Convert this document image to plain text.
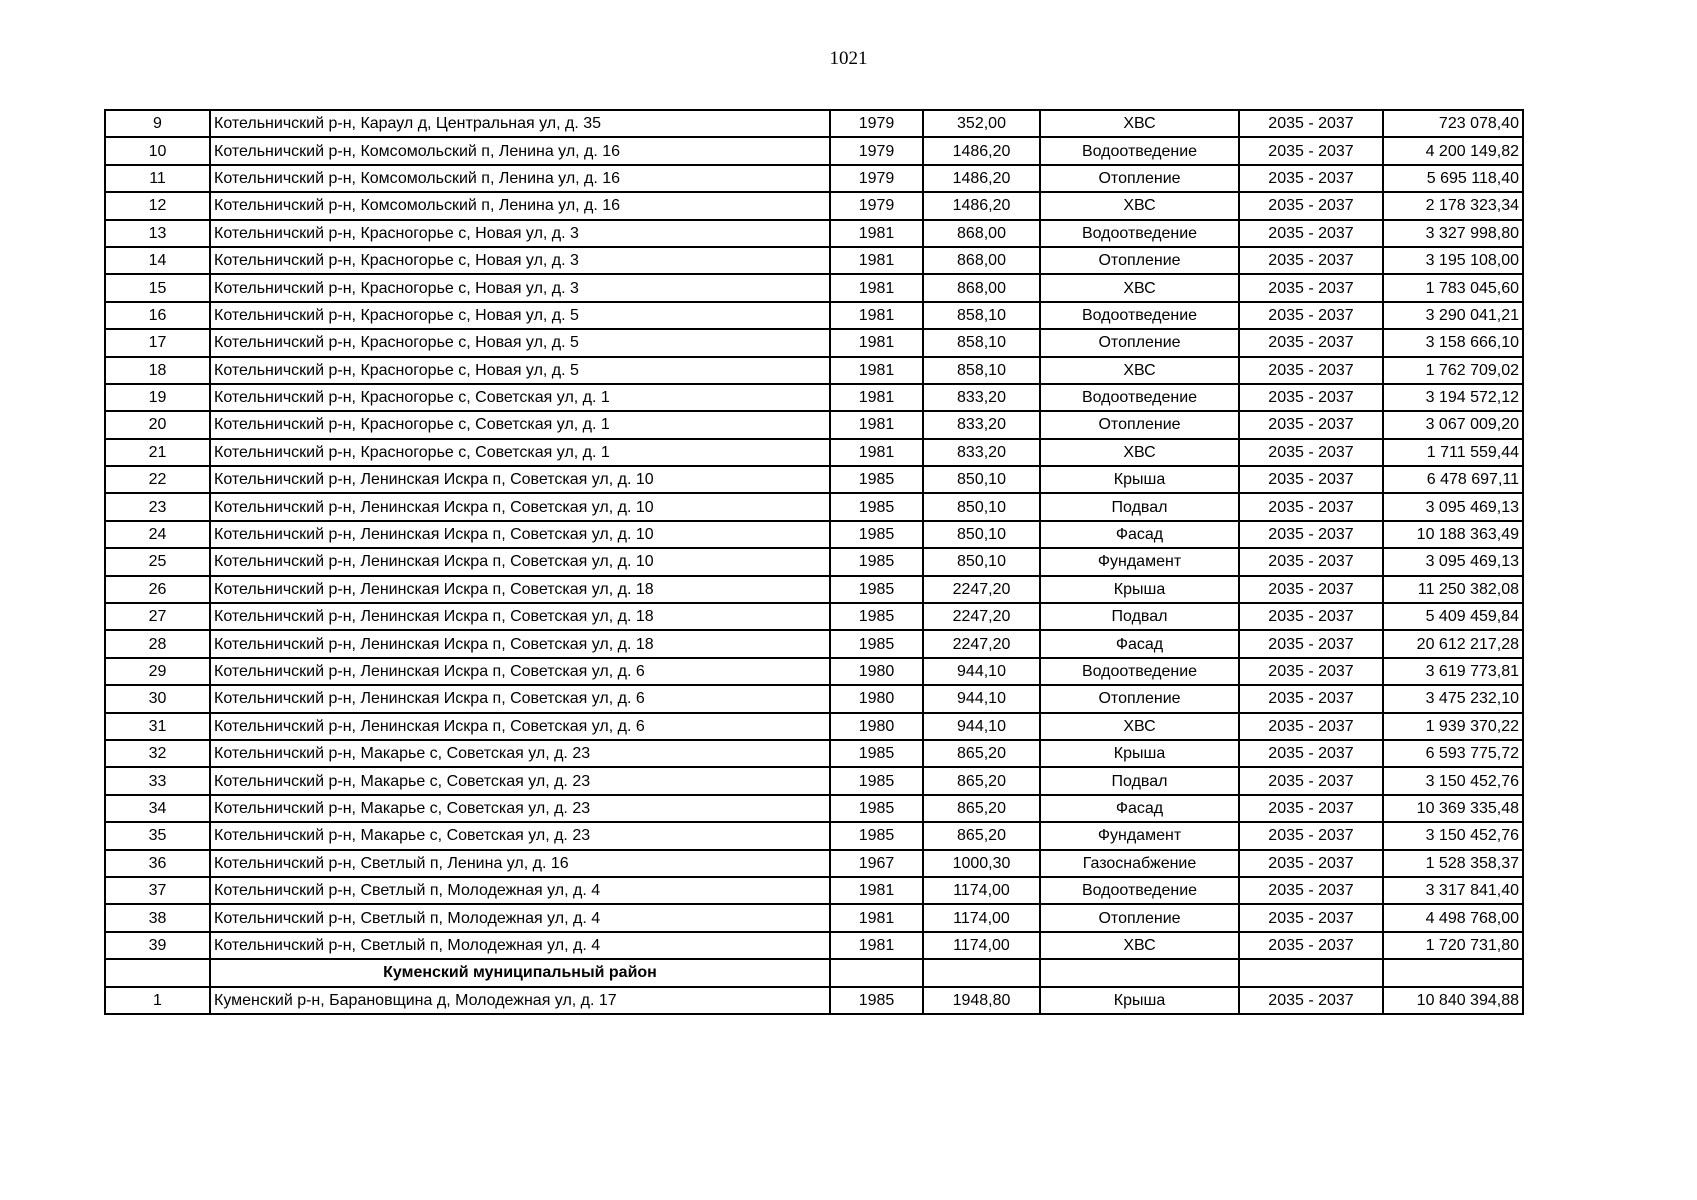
1021
9	Котельничский р-н, Караул д, Центральная ул, д. 35	1979	352,00	ХВС	2035 - 2037	723 078,40
10	Котельничский р-н, Комсомольский п, Ленина ул, д. 16	1979	1486,20	Водоотведение	2035 - 2037	4 200 149,82
11	Котельничский р-н, Комсомольский п, Ленина ул, д. 16	1979	1486,20	Отопление	2035 - 2037	5 695 118,40
12	Котельничский р-н, Комсомольский п, Ленина ул, д. 16	1979	1486,20	ХВС	2035 - 2037	2 178 323,34
13	Котельничский р-н, Красногорье с, Новая ул, д. 3	1981	868,00	Водоотведение	2035 - 2037	3 327 998,80
14	Котельничский р-н, Красногорье с, Новая ул, д. 3	1981	868,00	Отопление	2035 - 2037	3 195 108,00
15	Котельничский р-н, Красногорье с, Новая ул, д. 3	1981	868,00	ХВС	2035 - 2037	1 783 045,60
16	Котельничский р-н, Красногорье с, Новая ул, д. 5	1981	858,10	Водоотведение	2035 - 2037	3 290 041,21
17	Котельничский р-н, Красногорье с, Новая ул, д. 5	1981	858,10	Отопление	2035 - 2037	3 158 666,10
18	Котельничский р-н, Красногорье с, Новая ул, д. 5	1981	858,10	ХВС	2035 - 2037	1 762 709,02
19	Котельничский р-н, Красногорье с, Советская ул, д. 1	1981	833,20	Водоотведение	2035 - 2037	3 194 572,12
20	Котельничский р-н, Красногорье с, Советская ул, д. 1	1981	833,20	Отопление	2035 - 2037	3 067 009,20
21	Котельничский р-н, Красногорье с, Советская ул, д. 1	1981	833,20	ХВС	2035 - 2037	1 711 559,44
22	Котельничский р-н, Ленинская Искра п, Советская ул, д. 10	1985	850,10	Крыша	2035 - 2037	6 478 697,11
23	Котельничский р-н, Ленинская Искра п, Советская ул, д. 10	1985	850,10	Подвал	2035 - 2037	3 095 469,13
24	Котельничский р-н, Ленинская Искра п, Советская ул, д. 10	1985	850,10	Фасад	2035 - 2037	10 188 363,49
25	Котельничский р-н, Ленинская Искра п, Советская ул, д. 10	1985	850,10	Фундамент	2035 - 2037	3 095 469,13
26	Котельничский р-н, Ленинская Искра п, Советская ул, д. 18	1985	2247,20	Крыша	2035 - 2037	11 250 382,08
27	Котельничский р-н, Ленинская Искра п, Советская ул, д. 18	1985	2247,20	Подвал	2035 - 2037	5 409 459,84
28	Котельничский р-н, Ленинская Искра п, Советская ул, д. 18	1985	2247,20	Фасад	2035 - 2037	20 612 217,28
29	Котельничский р-н, Ленинская Искра п, Советская ул, д. 6	1980	944,10	Водоотведение	2035 - 2037	3 619 773,81
30	Котельничский р-н, Ленинская Искра п, Советская ул, д. 6	1980	944,10	Отопление	2035 - 2037	3 475 232,10
31	Котельничский р-н, Ленинская Искра п, Советская ул, д. 6	1980	944,10	ХВС	2035 - 2037	1 939 370,22
32	Котельничский р-н, Макарье с, Советская ул, д. 23	1985	865,20	Крыша	2035 - 2037	6 593 775,72
33	Котельничский р-н, Макарье с, Советская ул, д. 23	1985	865,20	Подвал	2035 - 2037	3 150 452,76
34	Котельничский р-н, Макарье с, Советская ул, д. 23	1985	865,20	Фасад	2035 - 2037	10 369 335,48
35	Котельничский р-н, Макарье с, Советская ул, д. 23	1985	865,20	Фундамент	2035 - 2037	3 150 452,76
36	Котельничский р-н, Светлый п, Ленина ул, д. 16	1967	1000,30	Газоснабжение	2035 - 2037	1 528 358,37
37	Котельничский р-н, Светлый п, Молодежная ул, д. 4	1981	1174,00	Водоотведение	2035 - 2037	3 317 841,40
38	Котельничский р-н, Светлый п, Молодежная ул, д. 4	1981	1174,00	Отопление	2035 - 2037	4 498 768,00
39	Котельничский р-н, Светлый п, Молодежная ул, д. 4	1981	1174,00	ХВС	2035 - 2037	1 720 731,80
	Куменский муниципальный район					
1	Куменский р-н, Барановщина д, Молодежная ул, д. 17	1985	1948,80	Крыша	2035 - 2037	10 840 394,88
